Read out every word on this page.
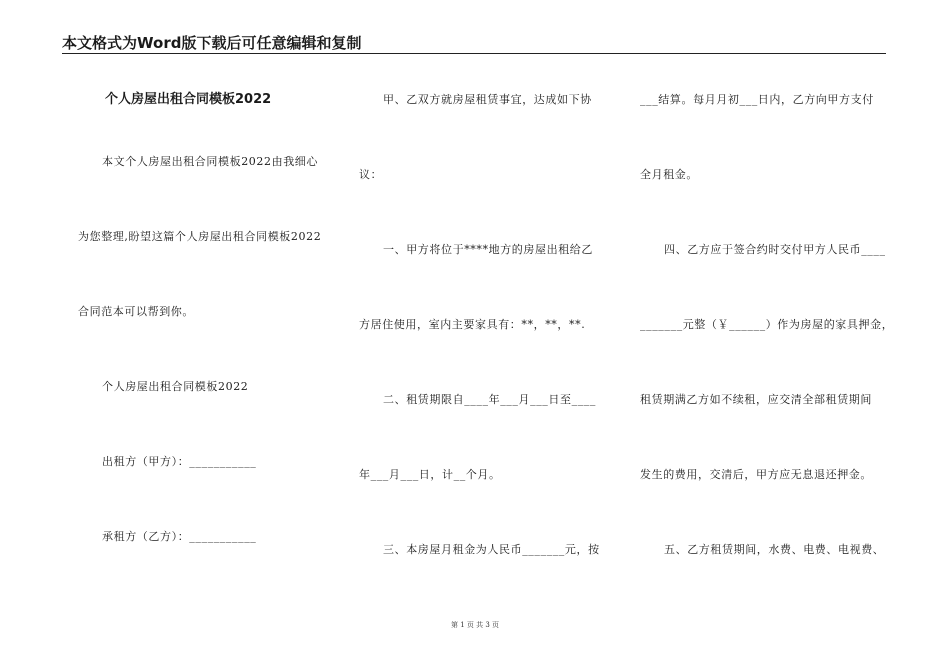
本文格式为Word版下载后可任意编辑和复制
个人房屋出租合同模板2022
本文个人房屋出租合同模板2022由我细心
为您整理,盼望这篇个人房屋出租合同模板2022
合同范本可以帮到你。
个人房屋出租合同模板2022
出租方（甲方）：___________
承租方（乙方）：___________
甲、乙双方就房屋租赁事宜，达成如下协
议：
一、甲方将位于****地方的房屋出租给乙
方居住使用，室内主要家具有：**，**，**.
二、租赁期限自____年___月___日至____
年___月___日，计__个月。
三、本房屋月租金为人民币_______元，按
___结算。每月月初___日内，乙方向甲方支付
全月租金。
四、乙方应于签合约时交付甲方人民币____
_______元整（￥______）作为房屋的家具押金，
租赁期满乙方如不续租，应交清全部租赁期间
发生的费用，交清后，甲方应无息退还押金。
五、乙方租赁期间，水费、电费、电视费、
第 1 页 共 3 页
